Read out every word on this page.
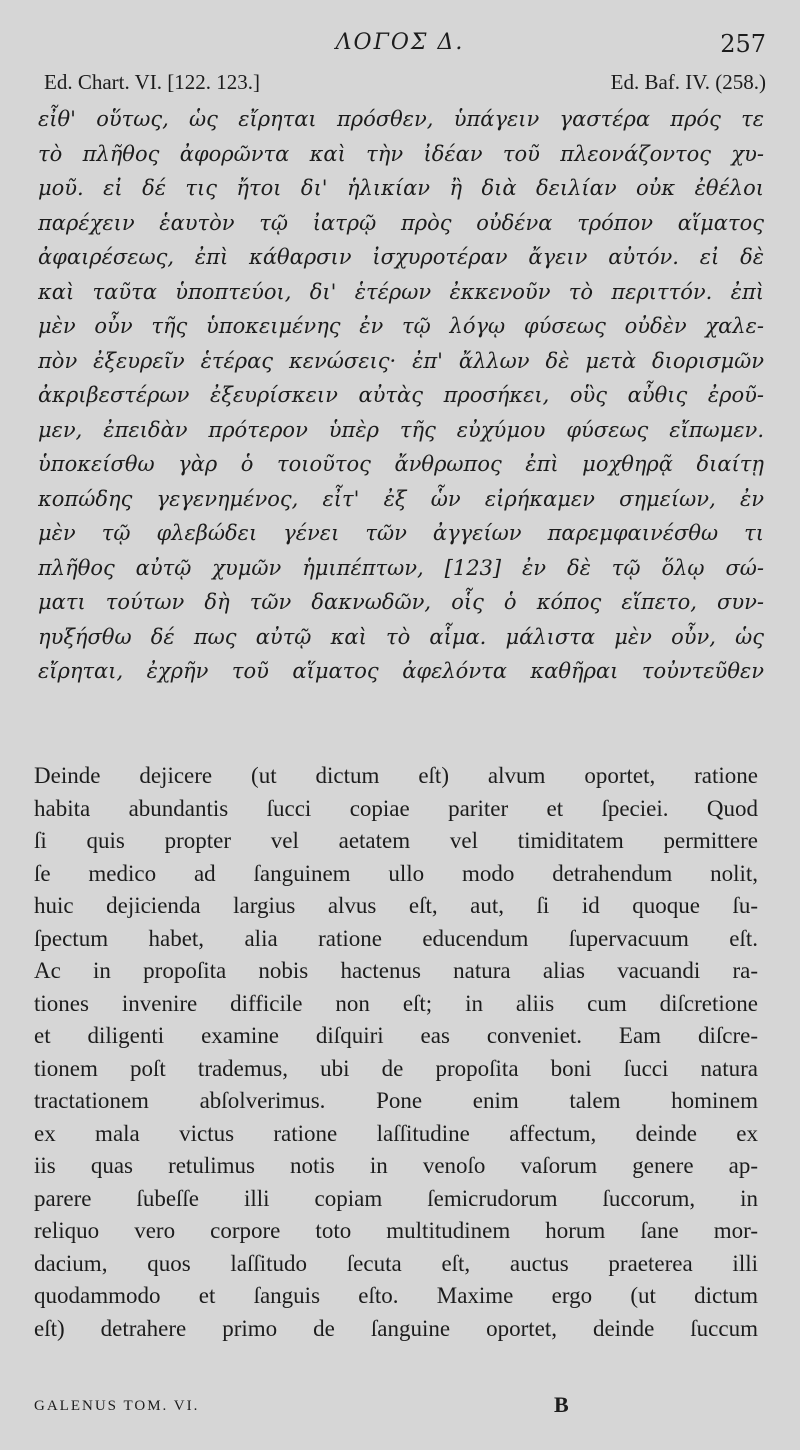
ΛΟΓΟΣ Δ.	257
Ed. Chart. VI. [122. 123.]	Ed. Baf. IV. (258.)
εἶθ' οὕτως, ὡς εἴρηται πρόσθεν, ὑπάγειν γαστέρα πρός τε
τὸ πλῆθος ἀφορῶντα καὶ τὴν ἰδέαν τοῦ πλεονάζοντος χυ-
μοῦ. εἰ δέ τις ἤτοι δι' ἡλικίαν ἢ διὰ δειλίαν οὐκ ἐθέλοι
παρέχειν ἑαυτὸν τῷ ἰατρῷ πρὸς οὐδένα τρόπον αἵματος
ἀφαιρέσεως, ἐπὶ κάθαρσιν ἰσχυροτέραν ἄγειν αὐτόν. εἰ δὲ
καὶ ταῦτα ὑποπτεύοι, δι' ἑτέρων ἐκκενοῦν τὸ περιττόν. ἐπὶ
μὲν οὖν τῆς ὑποκειμένης ἐν τῷ λόγῳ φύσεως οὐδὲν χαλε-
πὸν ἐξευρεῖν ἑτέρας κενώσεις· ἐπ' ἄλλων δὲ μετὰ διορισμῶν
ἀκριβεστέρων ἐξευρίσκειν αὐτὰς προσήκει, οὓς αὖθις ἐροῦ-
μεν, ἐπειδὰν πρότερον ὑπὲρ τῆς εὐχύμου φύσεως εἴπωμεν.
ὑποκείσθω γὰρ ὁ τοιοῦτος ἄνθρωπος ἐπὶ μοχθηρᾷ διαίτῃ
κοπώδης γεγενημένος, εἶτ' ἐξ ὧν εἰρήκαμεν σημείων, ἐν
μὲν τῷ φλεβώδει γένει τῶν ἀγγείων παρεμφαινέσθω τι
πλῆθος αὐτῷ χυμῶν ἡμιπέπτων, [123] ἐν δὲ τῷ ὅλῳ σώ-
ματι τούτων δὴ τῶν δακνωδῶν, οἷς ὁ κόπος εἵπετο, συν-
ηυξήσθω δέ πως αὐτῷ καὶ τὸ αἷμα. μάλιστα μὲν οὖν, ὡς
εἴρηται, ἐχρῆν τοῦ αἵματος ἀφελόντα καθῆραι τοὐντεῦθεν
Deinde dejicere (ut dictum eſt) alvum oportet, ratione
habita abundantis ſucci copiae pariter et ſpeciei. Quod
ſi quis propter vel aetatem vel timiditatem permittere
ſe medico ad ſanguinem ullo modo detrahendum nolit,
huic dejicienda largius alvus eſt, aut, ſi id quoque ſu-
ſpectum habet, alia ratione educendum ſupervacuum eſt.
Ac in propoſita nobis hactenus natura alias vacuandi ra-
tiones invenire difficile non eſt; in aliis cum diſcretione
et diligenti examine diſquiri eas conveniet. Eam diſcre-
tionem poſt trademus, ubi de propoſita boni ſucci natura
tractationem abſolverimus. Pone enim talem hominem
ex mala victus ratione laſſitudine affectum, deinde ex
iis quas retulimus notis in venoſo vaſorum genere ap-
parere ſubeſſe illi copiam ſemicrudorum ſuccorum, in
reliquo vero corpore toto multitudinem horum ſane mor-
dacium, quos laſſitudo ſecuta eſt, auctus praeterea illi
quodammodo et ſanguis eſto. Maxime ergo (ut dictum
eſt) detrahere primo de ſanguine oportet, deinde ſuccum
GALENUS TOM. VI.	B
